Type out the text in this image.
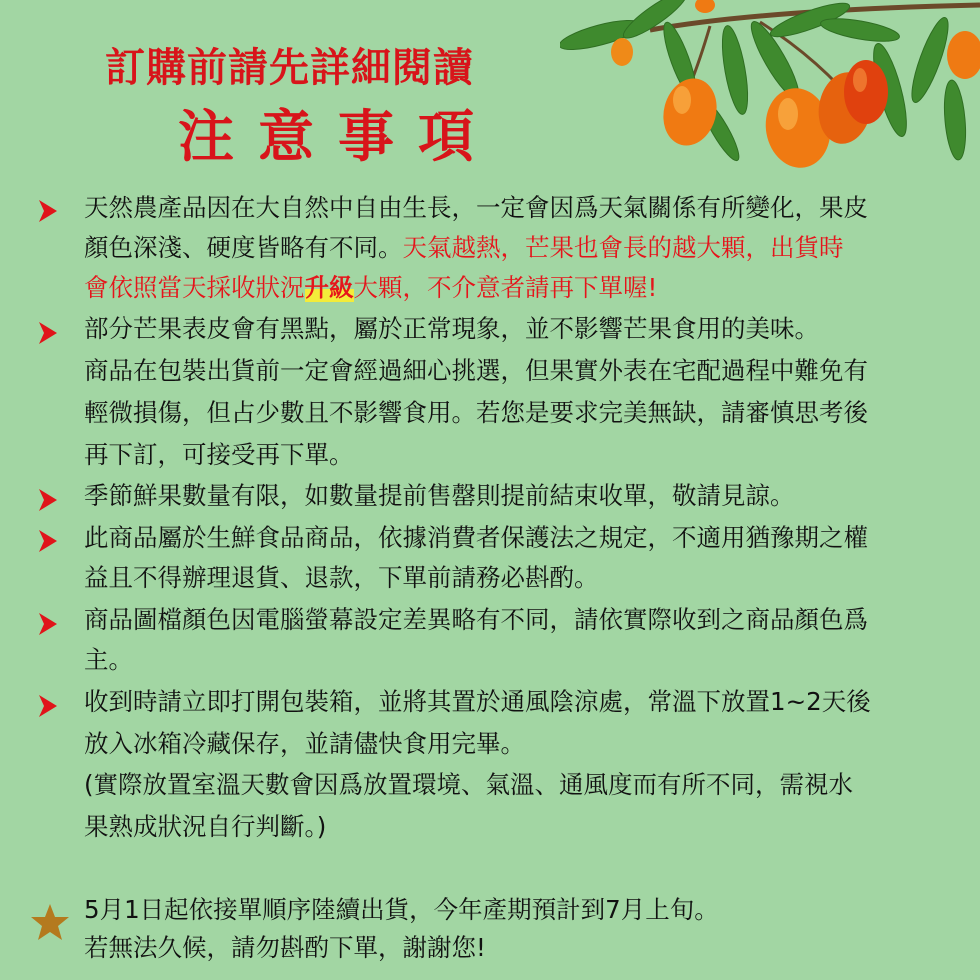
訂購前請先詳細閱讀
注意事項
天然農產品因在大自然中自由生長，一定會因爲天氣關係有所變化，果皮
顏色深淺、硬度皆略有不同。天氣越熱，芒果也會長的越大顆，出貨時
會依照當天採收狀況升級大顆，不介意者請再下單喔!
部分芒果表皮會有黑點，屬於正常現象，並不影響芒果食用的美味。
商品在包裝出貨前一定會經過細心挑選，但果實外表在宅配過程中難免有
輕微損傷，但占少數且不影響食用。若您是要求完美無缺，請審慎思考後
再下訂，可接受再下單。
季節鮮果數量有限，如數量提前售罄則提前結束收單，敬請見諒。
此商品屬於生鮮食品商品，依據消費者保護法之規定，不適用猶豫期之權
益且不得辦理退貨、退款，下單前請務必斟酌。
商品圖檔顏色因電腦螢幕設定差異略有不同，請依實際收到之商品顏色爲
主。
收到時請立即打開包裝箱，並將其置於通風陰涼處，常溫下放置1~2天後
放入冰箱冷藏保存，並請儘快食用完畢。
(實際放置室溫天數會因爲放置環境、氣溫、通風度而有所不同，需視水
果熟成狀況自行判斷。)
5月1日起依接單順序陸續出貨，今年產期預計到7月上旬。
若無法久候，請勿斟酌下單，謝謝您!
